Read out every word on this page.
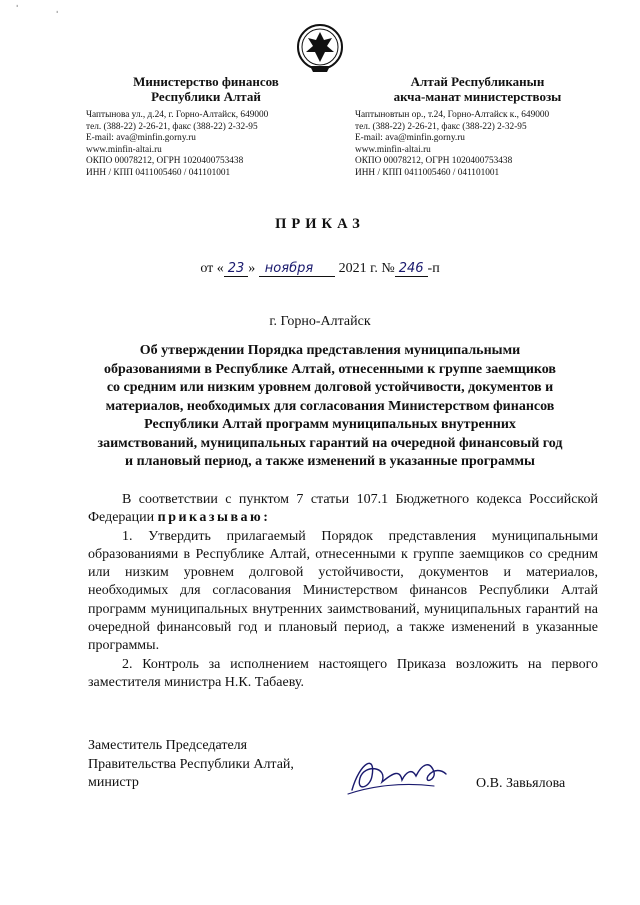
ˈ
ˈ
Министерство финансов
Республики Алтай
Чаптынова ул., д.24, г. Горно-Алтайск, 649000
тел. (388-22) 2-26-21, факс (388-22) 2-32-95
E-mail: ava@minfin.gorny.ru
www.minfin-altai.ru
ОКПО 00078212, ОГРН 1020400753438
ИНН / КПП 0411005460 / 041101001
Алтай Республиканын
акча-манат министерствозы
Чаптыновтын ор., т.24, Горно-Алтайск к., 649000
тел. (388-22) 2-26-21, факс (388-22) 2-32-95
E-mail: ava@minfin.gorny.ru
www.minfin-altai.ru
ОКПО 00078212, ОГРН 1020400753438
ИНН / КПП 0411005460 / 041101001
ПРИКАЗ
от « 23 » ноября 2021 г. № 246 -п
г. Горно-Алтайск
Об утверждении Порядка представления муниципальными
образованиями в Республике Алтай, отнесенными к группе заемщиков
со средним или низким уровнем долговой устойчивости, документов и
материалов, необходимых для согласования Министерством финансов
Республики Алтай программ муниципальных внутренних
заимствований, муниципальных гарантий на очередной финансовый год
и плановый период, а также изменений в указанные программы

В соответствии с пунктом 7 статьи 107.1 Бюджетного кодекса Российской Федерации приказываю:

1. Утвердить прилагаемый Порядок представления муниципальными образованиями в Республике Алтай, отнесенными к группе заемщиков со средним или низким уровнем долговой устойчивости, документов и материалов, необходимых для согласования Министерством финансов Республики Алтай программ муниципальных внутренних заимствований, муниципальных гарантий на очередной финансовый год и плановый период, а также изменений в указанные программы.

2. Контроль за исполнением настоящего Приказа возложить на первого заместителя министра Н.К. Табаеву.

Заместитель Председателя
Правительства Республики Алтай,
министр	О.В. Завьялова
